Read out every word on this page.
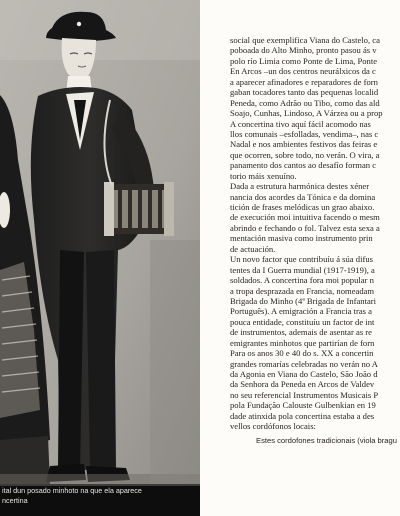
ital dun posado minhoto na que ela aparece
ncertina
social que exemplifica Viana do Castelo, ca
poboada do Alto Minho, pronto pasou ás v
polo río Limia como Ponte de Lima, Ponte
En Arcos –un dos centros neurálxicos da c
a aparecer afinadores e reparadores de forn
gaban tocadores tanto das pequenas localid
Peneda, como Adrão ou Tibo, como das ald
Soajo, Cunhas, Lindoso, A Várzea ou a prop
A concertina tivo aquí fácil acomodo nas
llos comunais –esfolladas, vendima–, nas c
Nadal e nos ambientes festivos das feiras e
que ocorren, sobre todo, no verán. O vira, a
panamento dos cantos ao desafío forman c
torio máis xenuíno.
Dada a estrutura harmónica destes xéner
nancia dos acordes da Tónica e da domina
tición de frases melódicas un grao abaixo.
de execución moi intuitiva facendo o mesm
abrindo e fechando o fol. Talvez esta sexa a
mentación masiva como instrumento prin
de actuación.
Un novo factor que contribuíu á súa difus
tentes da I Guerra mundial (1917-1919), a
soldados. A concertina fora moi popular n
a tropa desprazada en Francia, nomeadam
Brigada do Minho (4ª Brigada de Infantari
Português). A emigración a Francia tras a
pouca entidade, constituíu un factor de int
de instrumentos, ademais de asentar as re
emigrantes minhotos que partirían de forn
Para os anos 30 e 40 do s. XX a concertin
grandes romarías celebradas no verán no A
da Agonia en Viana do Castelo, São João d
da Senhora da Peneda en Arcos de Valdev
no seu referencial Instrumentos Musicais P
pola Fundação Calouste Gulbenkian en 19
dade atinxida pola concertina estaba a des
vellos cordófonos locais:
Estes cordofones tradicionais (viola bragu
